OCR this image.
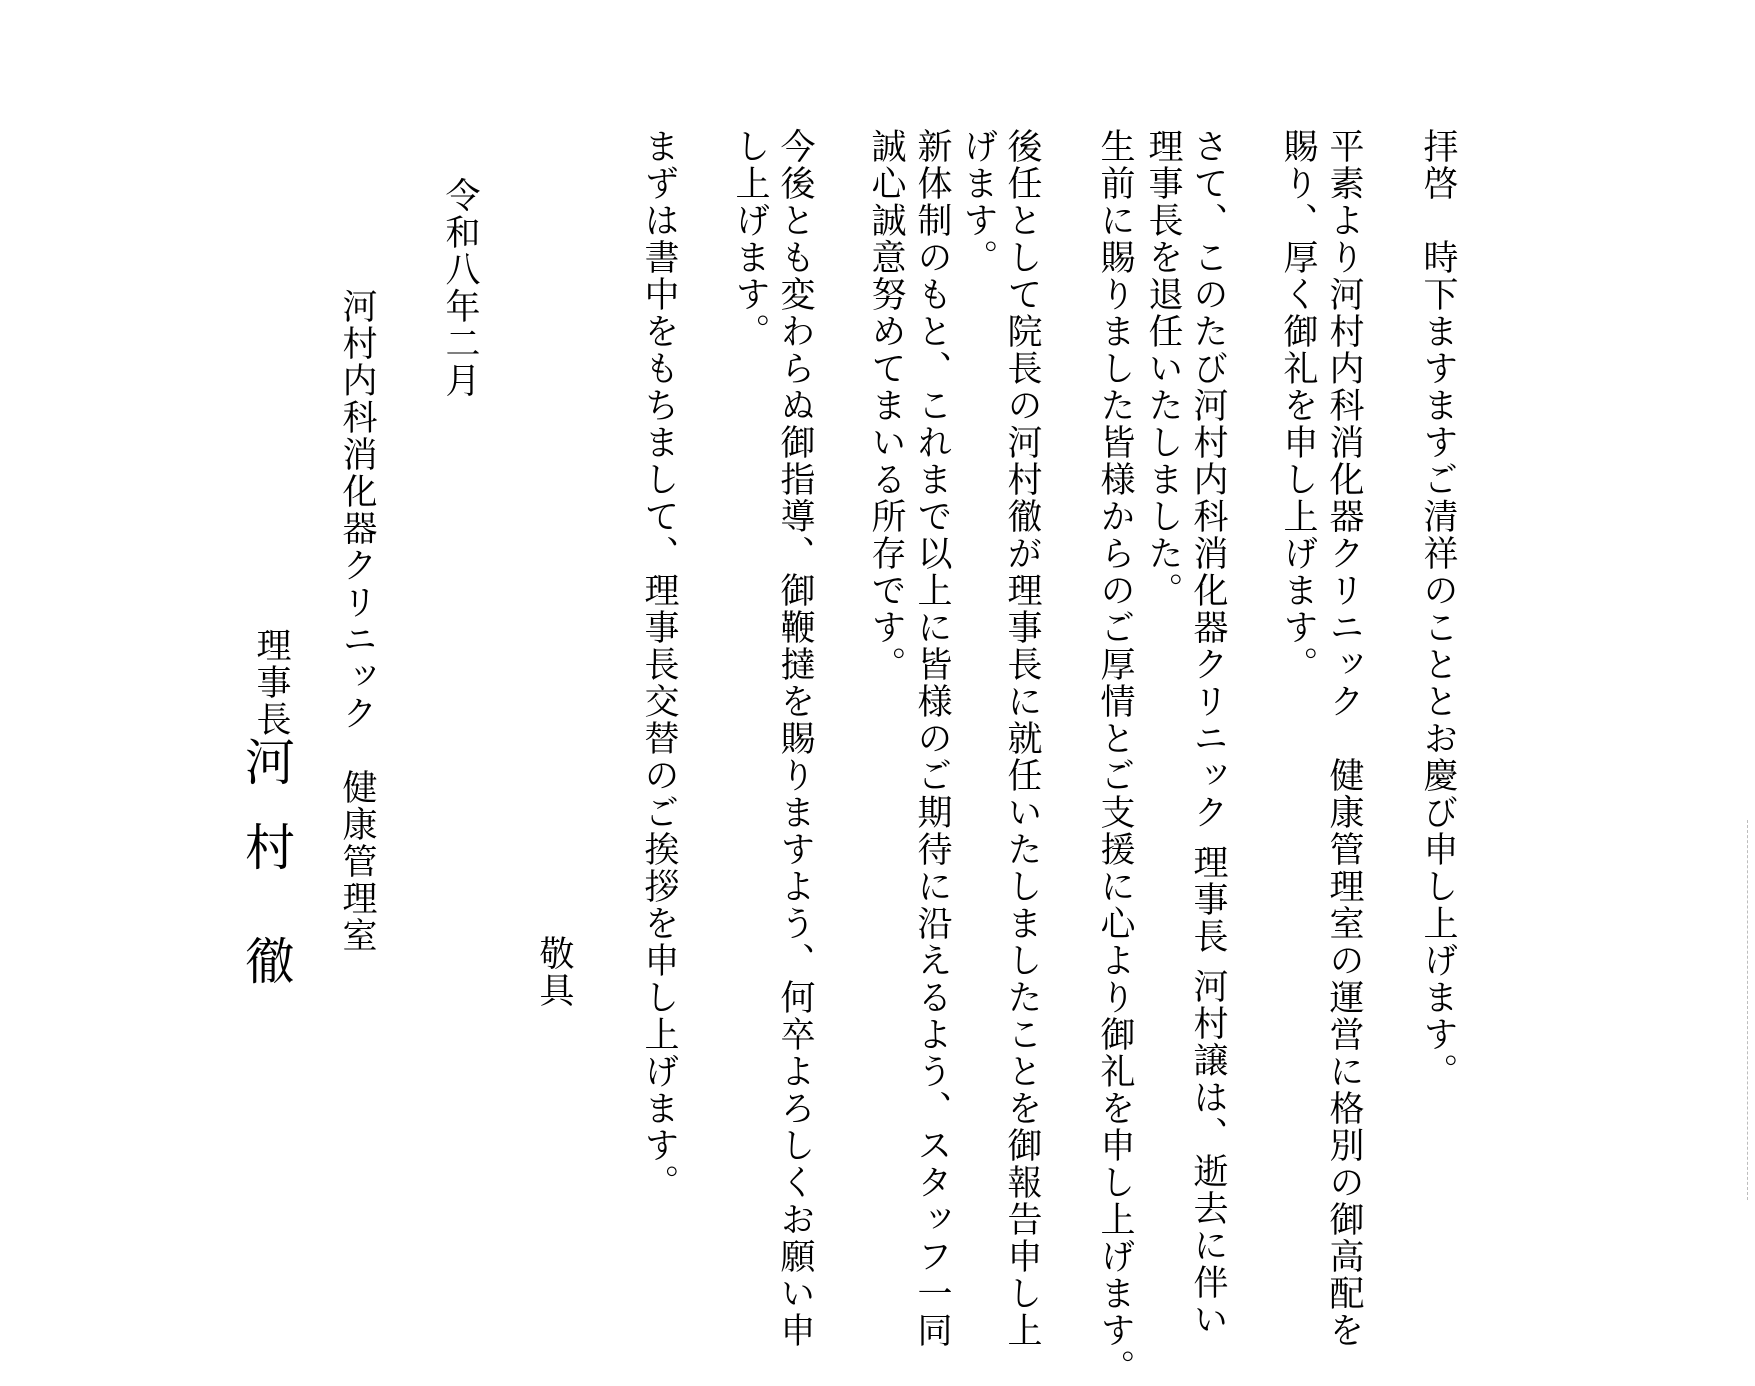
拝啓　時下ますますご清祥のこととお慶び申し上げます。
平素より河村内科消化器クリニック　健康管理室の運営に格別の御高配を
賜り、厚く御礼を申し上げます。
さて、このたび河村内科消化器クリニック 理事長 河村譲は、逝去に伴い
理事長を退任いたしました。
生前に賜りました皆様からのご厚情とご支援に心より御礼を申し上げます。
後任として院長の河村徹が理事長に就任いたしましたことを御報告申し上
げます。
新体制のもと、これまで以上に皆様のご期待に沿えるよう、スタッフ一同
誠心誠意努めてまいる所存です。
今後とも変わらぬ御指導、御鞭撻を賜りますよう、何卒よろしくお願い申
し上げます。
まずは書中をもちまして、理事長交替のご挨拶を申し上げます。
敬具
令和八年二月
河村内科消化器クリニック　健康管理室
理事長
河
村
徹
